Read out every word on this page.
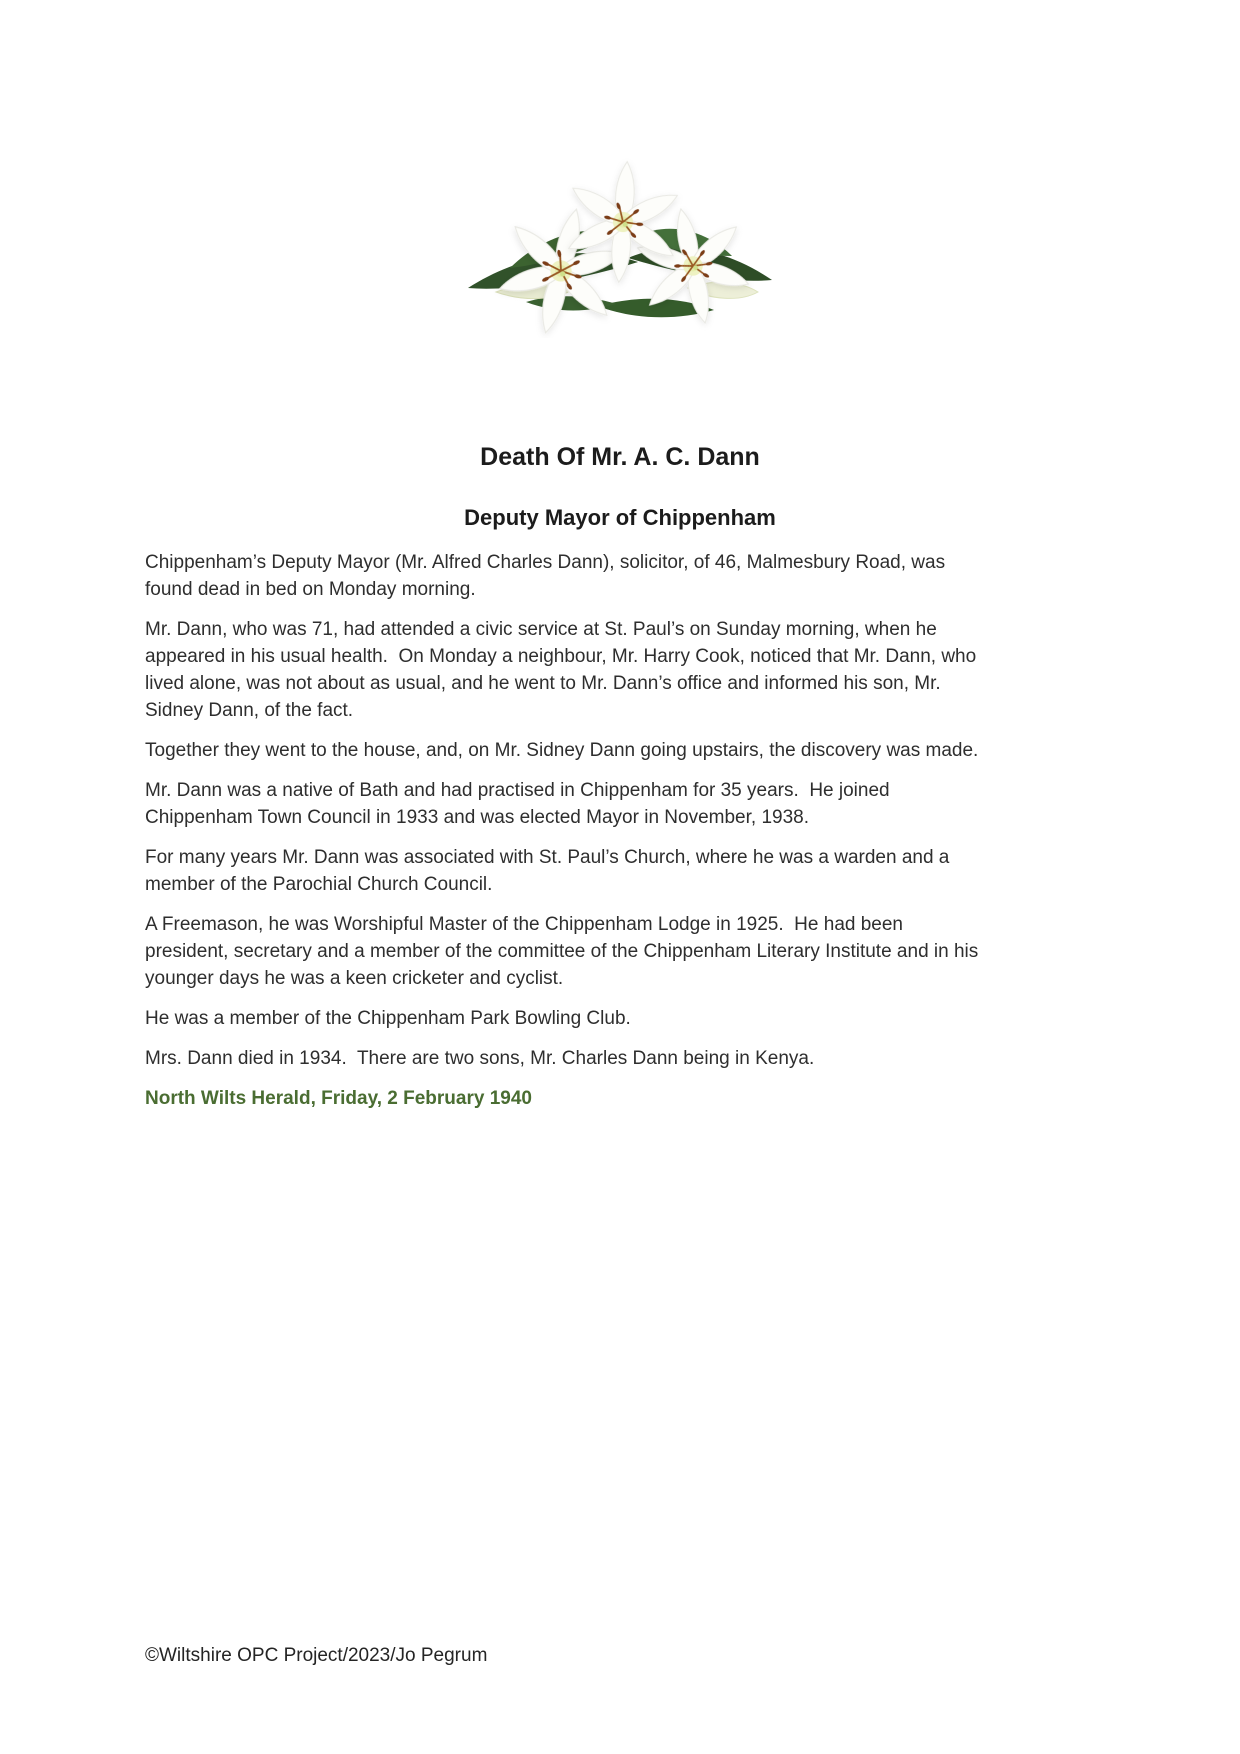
Death Of Mr. A. C. Dann
Deputy Mayor of Chippenham

Chippenham’s Deputy Mayor (Mr. Alfred Charles Dann), solicitor, of 46, Malmesbury Road, was found dead in bed on Monday morning.

Mr. Dann, who was 71, had attended a civic service at St. Paul’s on Sunday morning, when he appeared in his usual health.  On Monday a neighbour, Mr. Harry Cook, noticed that Mr. Dann, who lived alone, was not about as usual, and he went to Mr. Dann’s office and informed his son, Mr. Sidney Dann, of the fact.

Together they went to the house, and, on Mr. Sidney Dann going upstairs, the discovery was made.

Mr. Dann was a native of Bath and had practised in Chippenham for 35 years.  He joined Chippenham Town Council in 1933 and was elected Mayor in November, 1938.

For many years Mr. Dann was associated with St. Paul’s Church, where he was a warden and a member of the Parochial Church Council.

A Freemason, he was Worshipful Master of the Chippenham Lodge in 1925.  He had been president, secretary and a member of the committee of the Chippenham Literary Institute and in his younger days he was a keen cricketer and cyclist.

He was a member of the Chippenham Park Bowling Club.

Mrs. Dann died in 1934.  There are two sons, Mr. Charles Dann being in Kenya.

North Wilts Herald, Friday, 2 February 1940

©Wiltshire OPC Project/2023/Jo Pegrum
